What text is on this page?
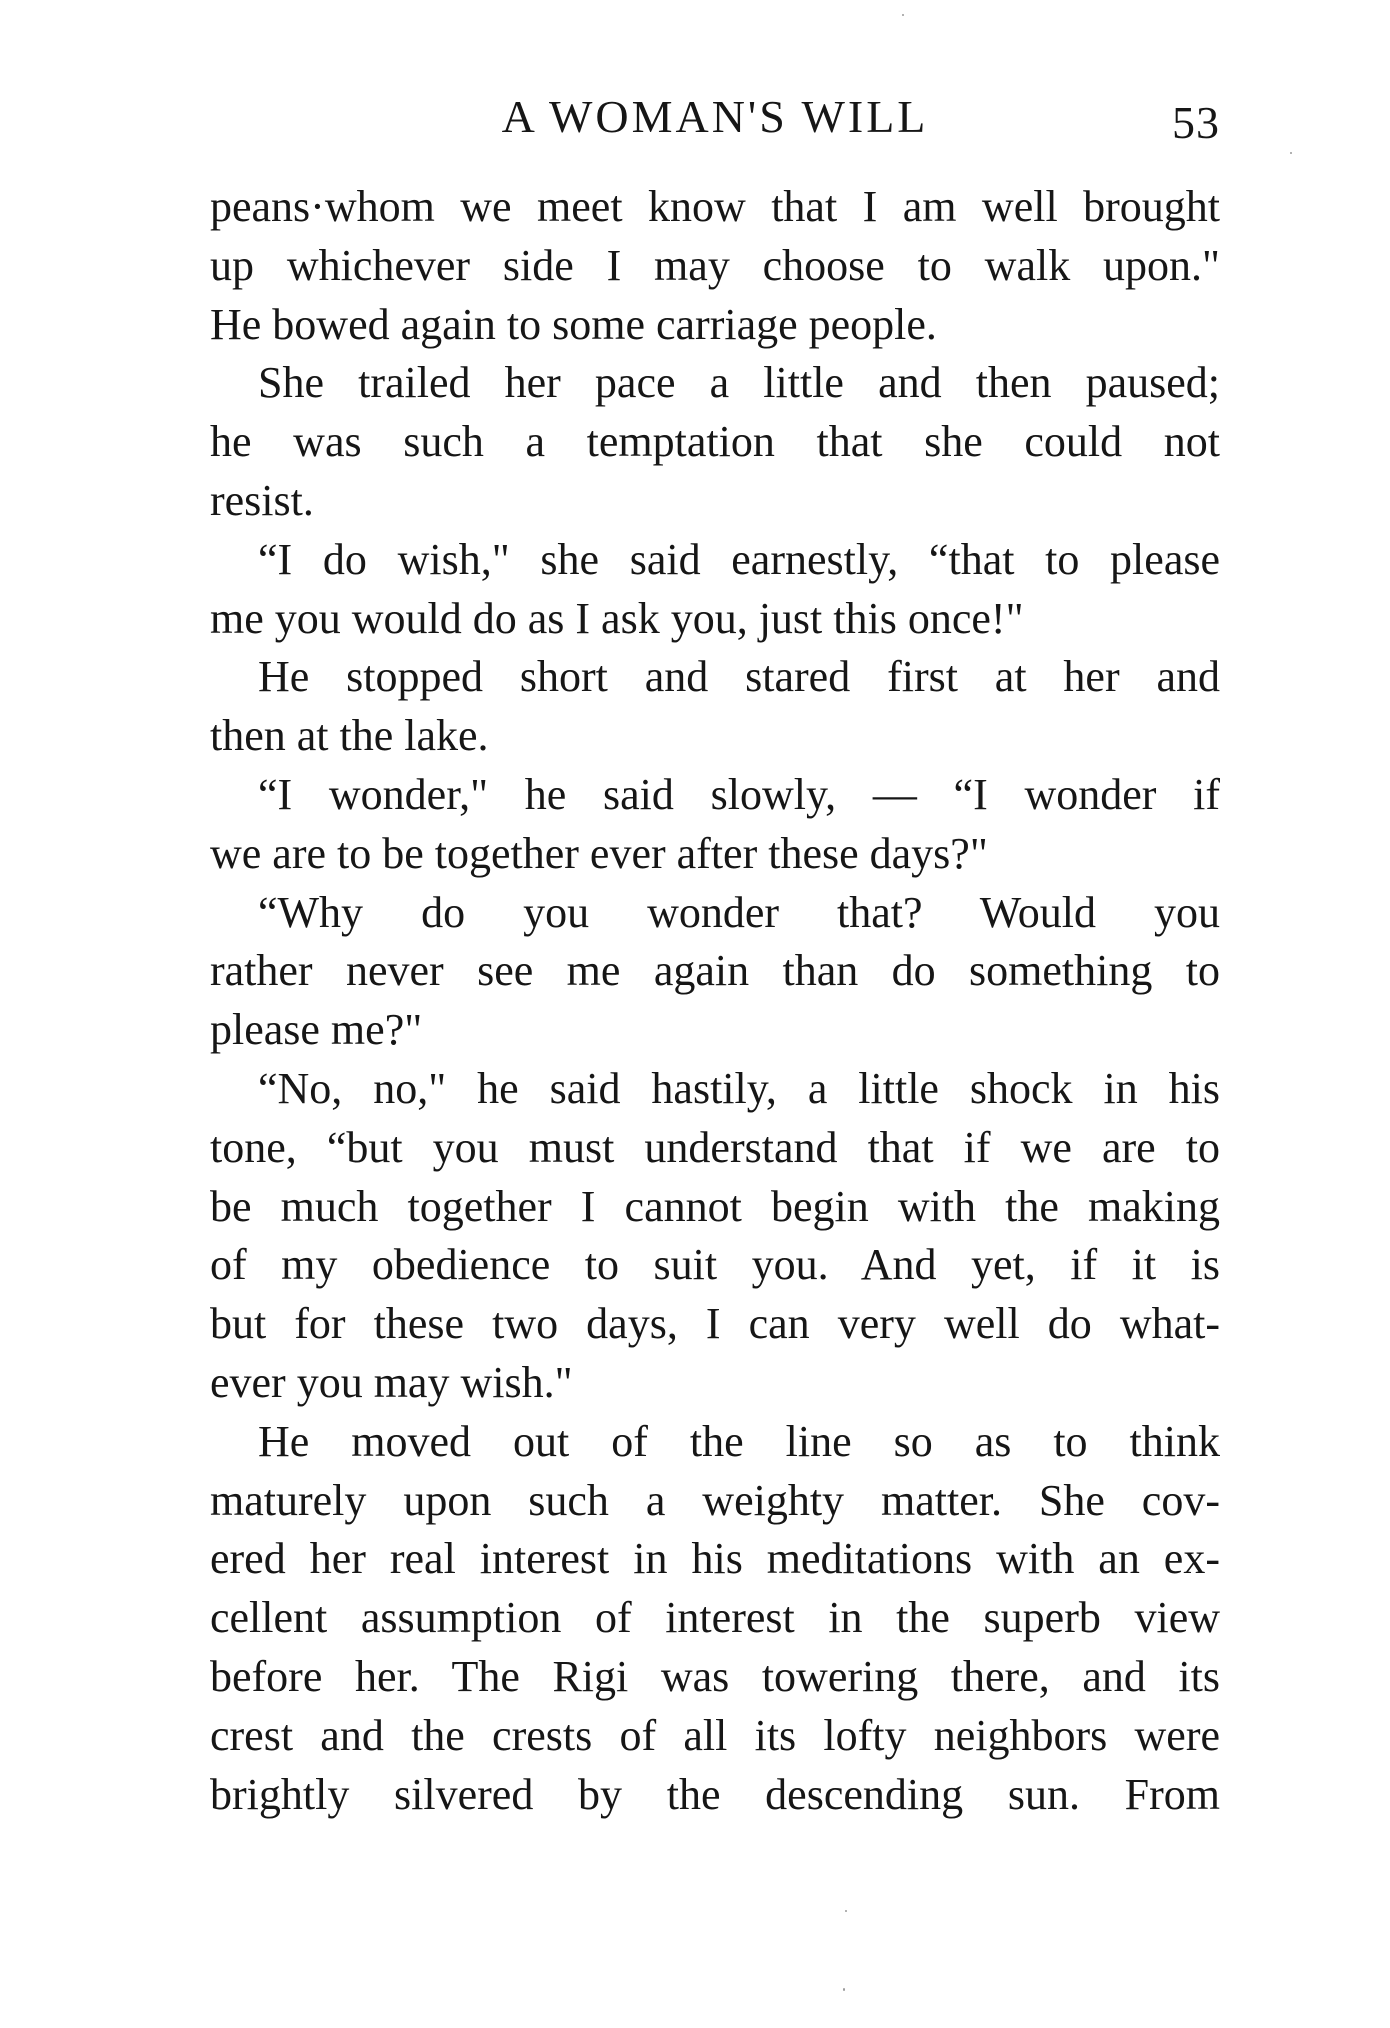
A WOMAN'S WILL	53
peans·whom we meet know that I am well brought
up whichever side I may choose to walk upon."
He bowed again to some carriage people.
She trailed her pace a little and then paused;
he was such a temptation that she could not
resist.
“I do wish," she said earnestly, “that to please
me you would do as I ask you, just this once!"
He stopped short and stared first at her and
then at the lake.
“I wonder," he said slowly, — “I wonder if
we are to be together ever after these days?"
“Why do you wonder that? Would you
rather never see me again than do something to
please me?"
“No, no," he said hastily, a little shock in his
tone, “but you must understand that if we are to
be much together I cannot begin with the making
of my obedience to suit you. And yet, if it is
but for these two days, I can very well do what-
ever you may wish."
He moved out of the line so as to think
maturely upon such a weighty matter. She cov-
ered her real interest in his meditations with an ex-
cellent assumption of interest in the superb view
before her. The Rigi was towering there, and its
crest and the crests of all its lofty neighbors were
brightly silvered by the descending sun. From
